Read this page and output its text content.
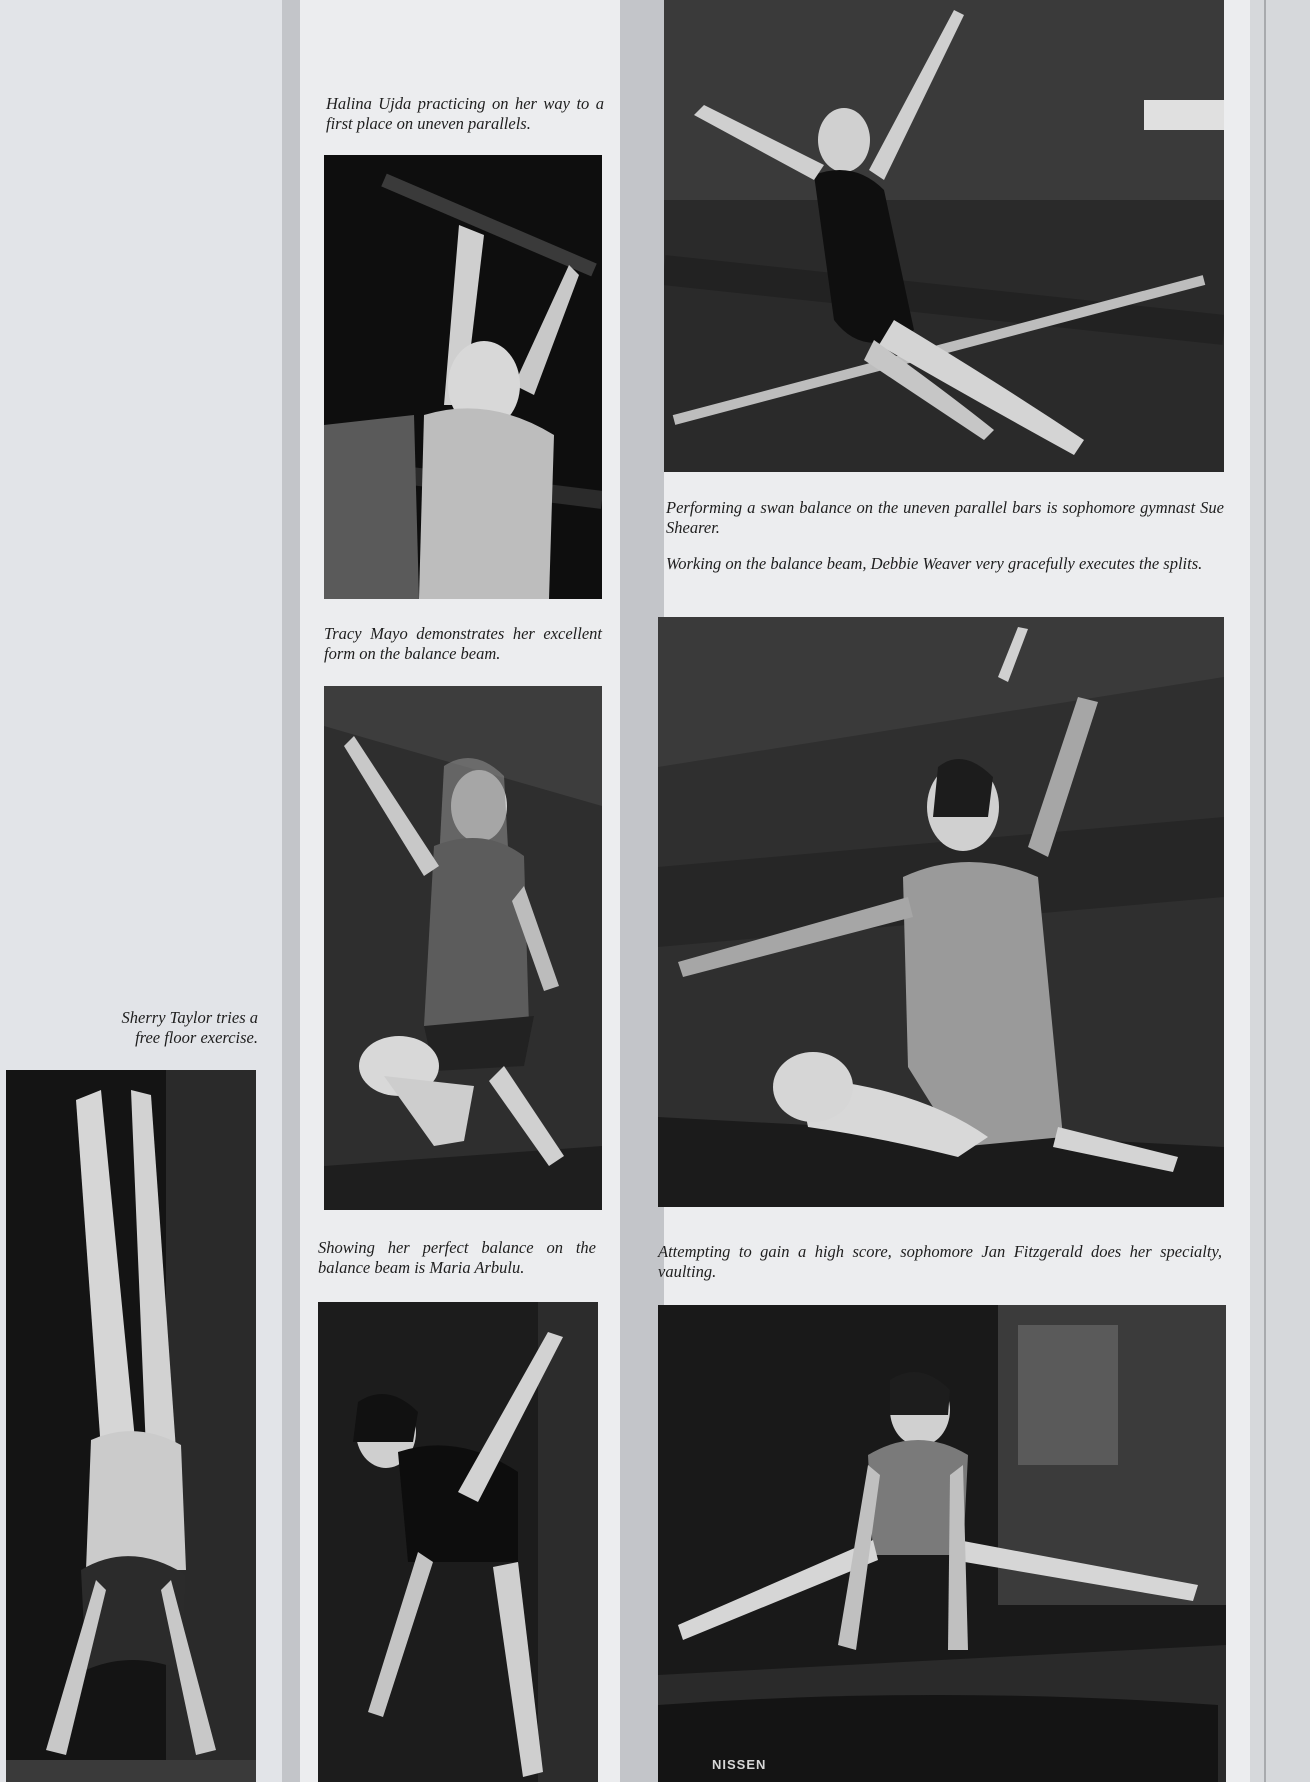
Halina Ujda practicing on her way to a first place on uneven parallels.

Performing a swan balance on the uneven parallel bars is sophomore gymnast Sue Shearer.

Working on the balance beam, Debbie Weaver very gracefully executes the splits.

Tracy Mayo demonstrates her excellent form on the balance beam.

Sherry Taylor tries a free floor exercise.

Showing her perfect balance on the balance beam is Maria Arbulu.

Attempting to gain a high score, sophomore Jan Fitzgerald does her specialty, vaulting.

NISSEN
